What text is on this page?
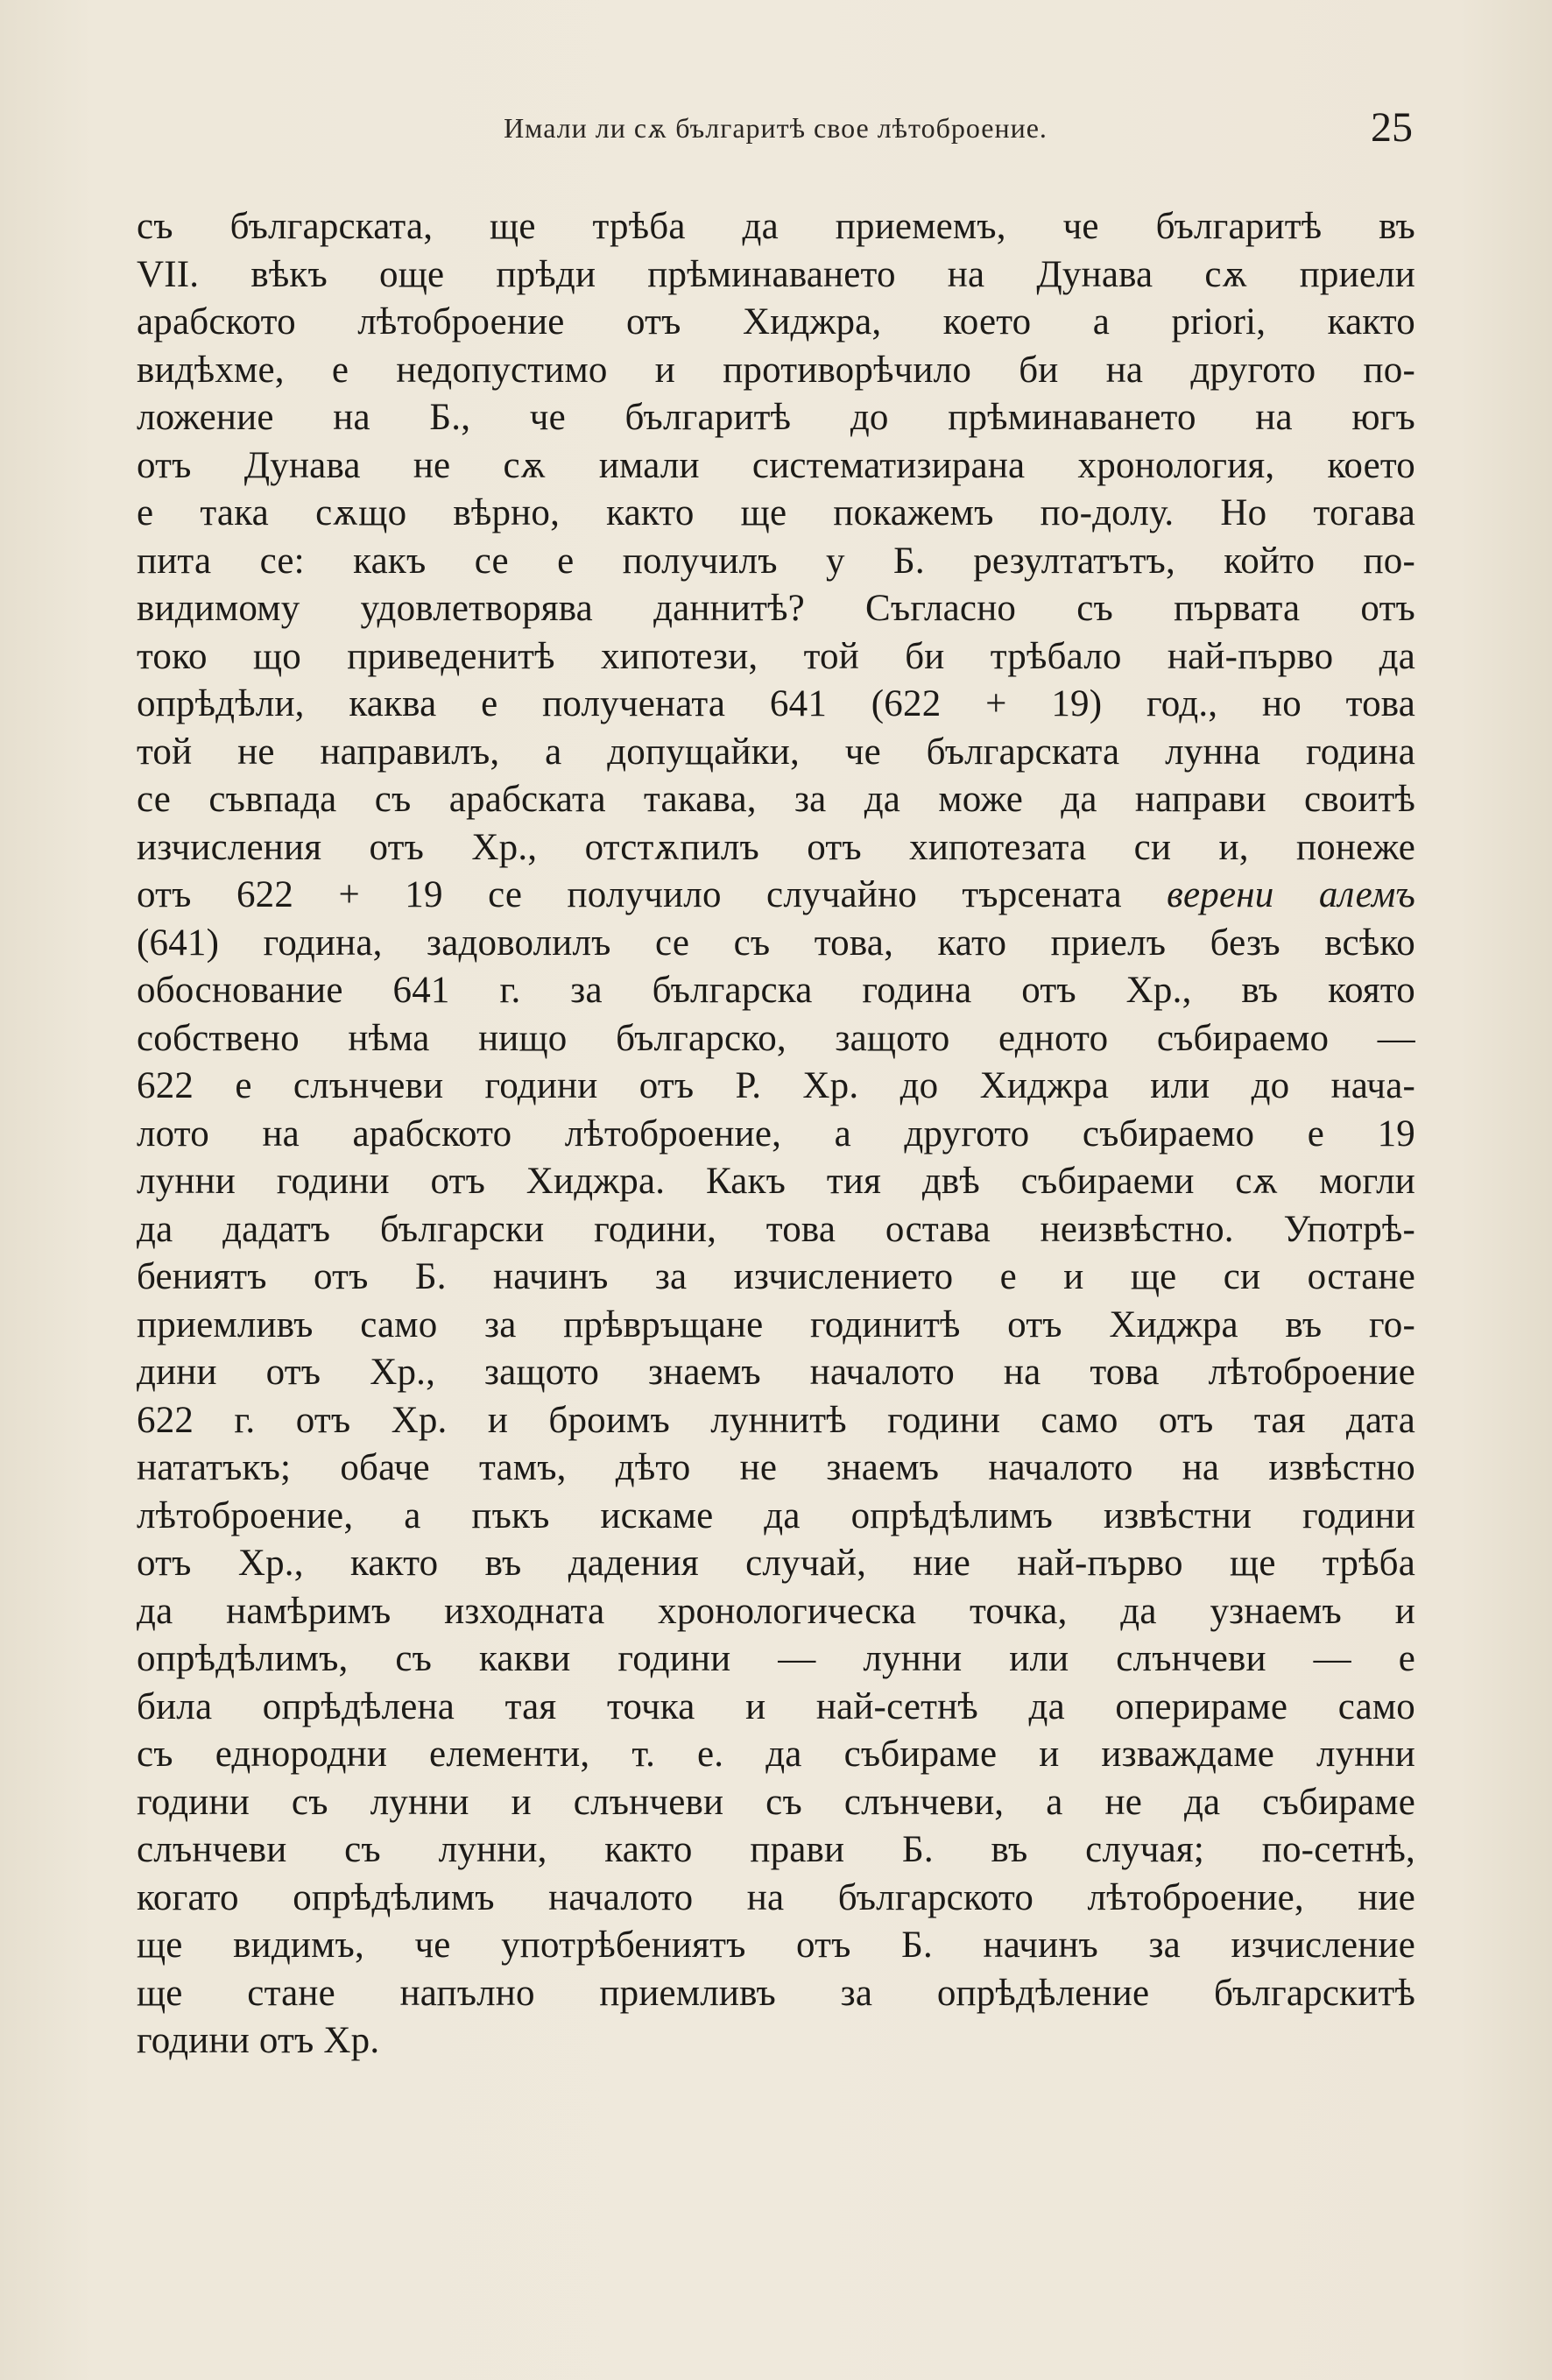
Имали ли сѫ българитѣ свое лѣтоброение.	25
съ българската, ще трѣба да приемемъ, че българитѣ въ
VII. вѣкъ още прѣди прѣминаването на Дунава сѫ приели
арабското лѣтоброение отъ Хиджра, което a priori, както
видѣхме, е недопустимо и противорѣчило би на другото по-
ложение на Б., че българитѣ до прѣминаването на югъ
отъ Дунава не сѫ имали систематизирана хронология, което
е така сѫщо вѣрно, както ще покажемъ по-долу. Но тогава
пита се: какъ се е получилъ у Б. резултатътъ, който по-
видимому удовлетворява даннитѣ? Съгласно съ първата отъ
токо що приведенитѣ хипотези, той би трѣбало най-първо да
опрѣдѣли, каква е получената 641 (622 + 19) год., но това
той не направилъ, а допущайки, че българската лунна година
се съвпада съ арабската такава, за да може да направи своитѣ
изчисления отъ Хр., отстѫпилъ отъ хипотезата си и, понеже
отъ 622 + 19 се получило случайно търсената верени алемъ
(641) година, задоволилъ се съ това, като приелъ безъ всѣко
обоснование 641 г. за българска година отъ Хр., въ която
собствено нѣма нищо българско, защото едното събираемо —
622 е слънчеви години отъ Р. Хр. до Хиджра или до нача-
лото на арабското лѣтоброение, а другото събираемо е 19
лунни години отъ Хиджра. Какъ тия двѣ събираеми сѫ могли
да дадатъ български години, това остава неизвѣстно. Употрѣ-
бениятъ отъ Б. начинъ за изчислението е и ще си остане
приемливъ само за прѣвръщане годинитѣ отъ Хиджра въ го-
дини отъ Хр., защото знаемъ началото на това лѣтоброение
622 г. отъ Хр. и броимъ луннитѣ години само отъ тая дата
нататъкъ; обаче тамъ, дѣто не знаемъ началото на извѣстно
лѣтоброение, а пъкъ искаме да опрѣдѣлимъ извѣстни години
отъ Хр., както въ дадения случай, ние най-първо ще трѣба
да намѣримъ изходната хронологическа точка, да узнаемъ и
опрѣдѣлимъ, съ какви години — лунни или слънчеви — е
била опрѣдѣлена тая точка и най-сетнѣ да оперираме само
съ еднородни елементи, т. е. да събираме и изваждаме лунни
години съ лунни и слънчеви съ слънчеви, а не да събираме
слънчеви съ лунни, както прави Б. въ случая; по-сетнѣ,
когато опрѣдѣлимъ началото на българското лѣтоброение, ние
ще видимъ, че употрѣбениятъ отъ Б. начинъ за изчисление
ще стане напълно приемливъ за опрѣдѣление българскитѣ
години отъ Хр.
